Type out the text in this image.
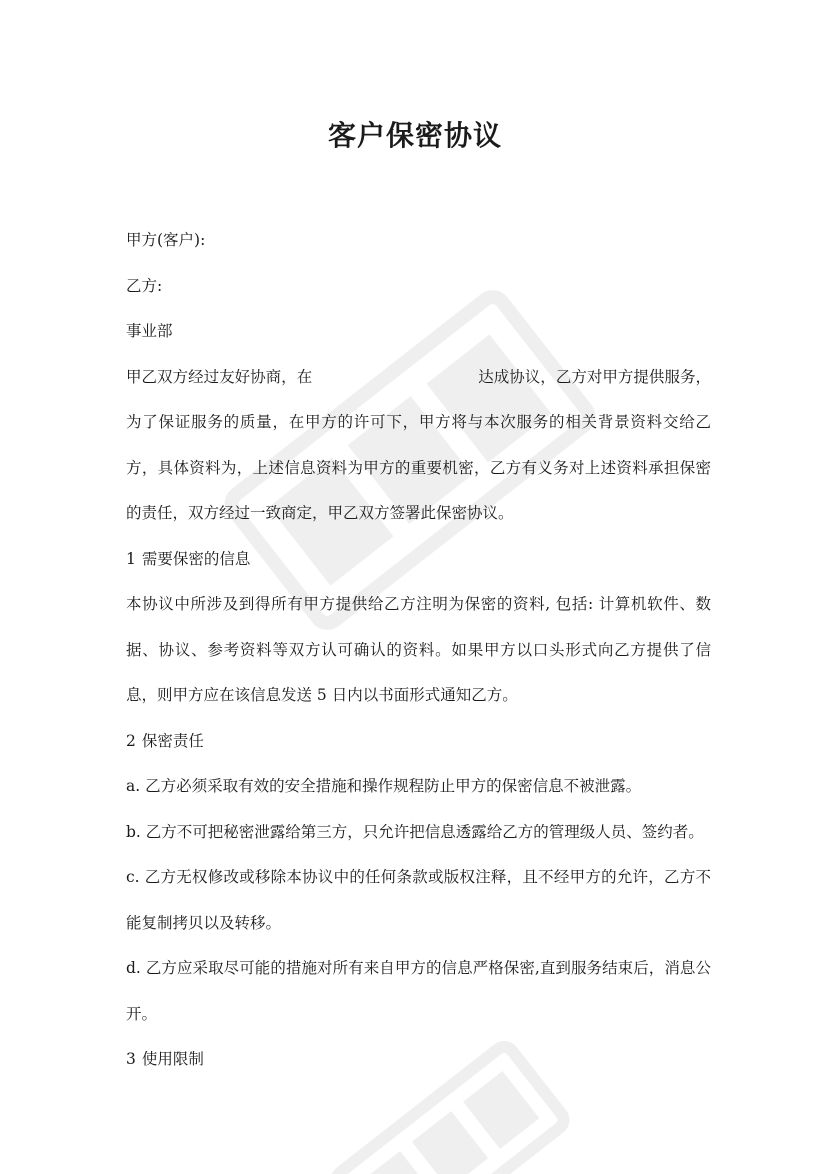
客户保密协议

甲方(客户):

乙方:

事业部

甲乙双方经过友好协商，在	达成协议，乙方对甲方提供服务，为了保证服务的质量，在甲方的许可下，甲方将与本次服务的相关背景资料交给乙方，具体资料为，上述信息资料为甲方的重要机密，乙方有义务对上述资料承担保密的责任，双方经过一致商定，甲乙双方签署此保密协议。

1 需要保密的信息

本协议中所涉及到得所有甲方提供给乙方注明为保密的资料, 包括: 计算机软件、数据、协议、参考资料等双方认可确认的资料。如果甲方以口头形式向乙方提供了信息，则甲方应在该信息发送 5 日内以书面形式通知乙方。

2 保密责任

a. 乙方必须采取有效的安全措施和操作规程防止甲方的保密信息不被泄露。

b. 乙方不可把秘密泄露给第三方，只允许把信息透露给乙方的管理级人员、签约者。

c. 乙方无权修改或移除本协议中的任何条款或版权注释，且不经甲方的允许，乙方不能复制拷贝以及转移。

d. 乙方应采取尽可能的措施对所有来自甲方的信息严格保密,直到服务结束后，消息公开。

3 使用限制
